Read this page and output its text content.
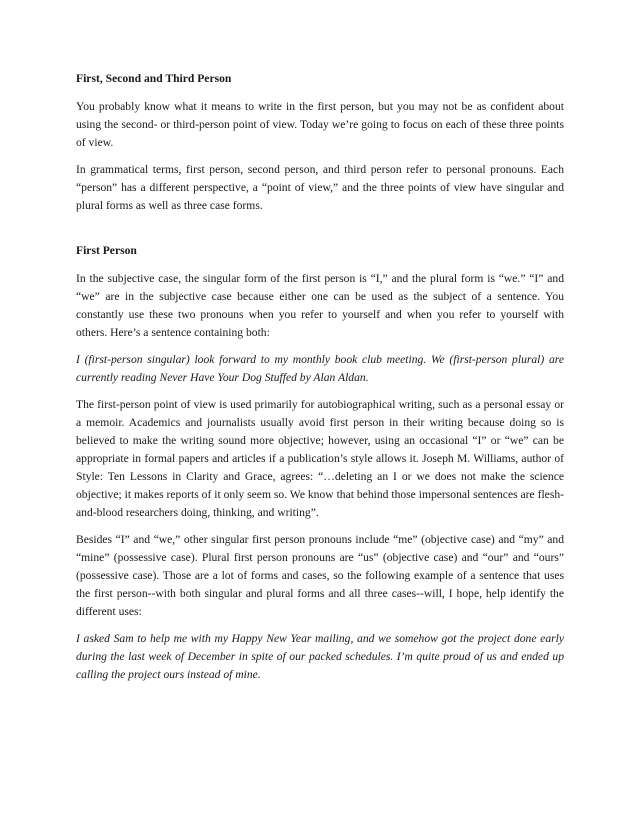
First, Second and Third Person

You probably know what it means to write in the first person, but you may not be as confident about using the second- or third-person point of view. Today we’re going to focus on each of these three points of view.

In grammatical terms, first person, second person, and third person refer to personal pronouns. Each “person” has a different perspective, a “point of view,” and the three points of view have singular and plural forms as well as three case forms.

First Person

In the subjective case, the singular form of the first person is “I,” and the plural form is “we.” “I” and “we” are in the subjective case because either one can be used as the subject of a sentence. You constantly use these two pronouns when you refer to yourself and when you refer to yourself with others. Here’s a sentence containing both:

I (first-person singular) look forward to my monthly book club meeting. We (first-person plural) are currently reading Never Have Your Dog Stuffed by Alan Aldan.

The first-person point of view is used primarily for autobiographical writing, such as a personal essay or a memoir. Academics and journalists usually avoid first person in their writing because doing so is believed to make the writing sound more objective; however, using an occasional “I” or “we” can be appropriate in formal papers and articles if a publication’s style allows it. Joseph M. Williams, author of Style: Ten Lessons in Clarity and Grace, agrees: “…deleting an I or we does not make the science objective; it makes reports of it only seem so. We know that behind those impersonal sentences are flesh-and-blood researchers doing, thinking, and writing”.

Besides “I” and “we,” other singular first person pronouns include “me” (objective case) and “my” and “mine” (possessive case). Plural first person pronouns are “us” (objective case) and “our” and “ours” (possessive case). Those are a lot of forms and cases, so the following example of a sentence that uses the first person--with both singular and plural forms and all three cases--will, I hope, help identify the different uses:

I asked Sam to help me with my Happy New Year mailing, and we somehow got the project done early during the last week of December in spite of our packed schedules. I’m quite proud of us and ended up calling the project ours instead of mine.
